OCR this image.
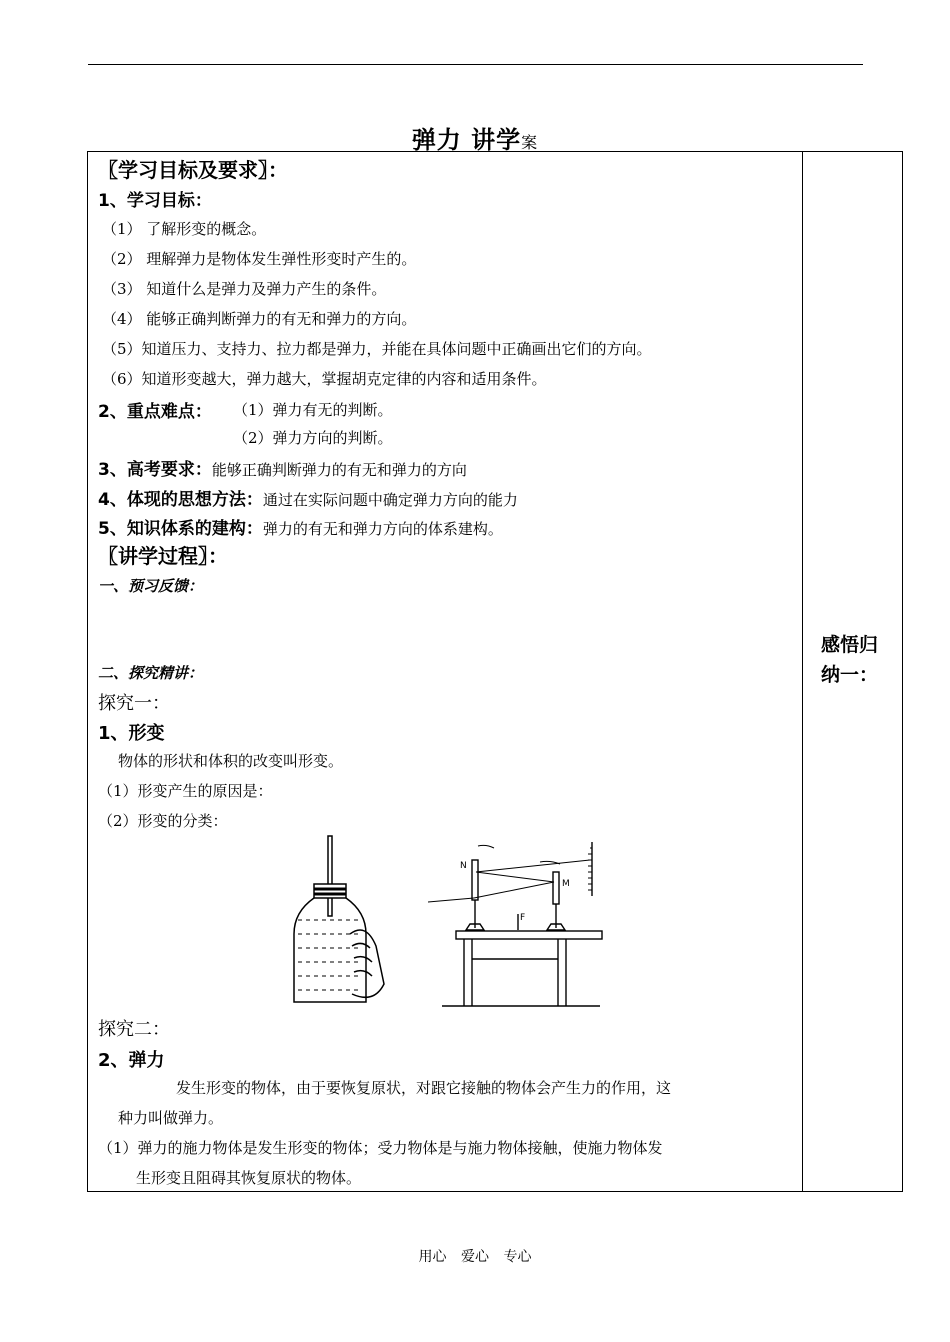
弹力 讲学案
感悟归纳一：
〖学习目标及要求〗：
1、学习目标：
（1） 了解形变的概念。
（2） 理解弹力是物体发生弹性形变时产生的。
（3） 知道什么是弹力及弹力产生的条件。
（4） 能够正确判断弹力的有无和弹力的方向。
（5）知道压力、支持力、拉力都是弹力，并能在具体问题中正确画出它们的方向。
（6）知道形变越大，弹力越大，掌握胡克定律的内容和适用条件。
2、重点难点： （1）弹力有无的判断。
（2）弹力方向的判断。
3、高考要求：能够正确判断弹力的有无和弹力的方向
4、体现的思想方法：通过在实际问题中确定弹力方向的能力
5、知识体系的建构：弹力的有无和弹力方向的体系建构。
〖讲学过程〗：
一、预习反馈：
二、探究精讲：
探究一：
1、形变
物体的形状和体积的改变叫形变。
（1）形变产生的原因是：
（2）形变的分类：
N
M
F
探究二：
2、弹力
发生形变的物体，由于要恢复原状，对跟它接触的物体会产生力的作用，这
种力叫做弹力。
（1）弹力的施力物体是发生形变的物体；受力物体是与施力物体接触，使施力物体发
生形变且阻碍其恢复原状的物体。
用心 爱心 专心
